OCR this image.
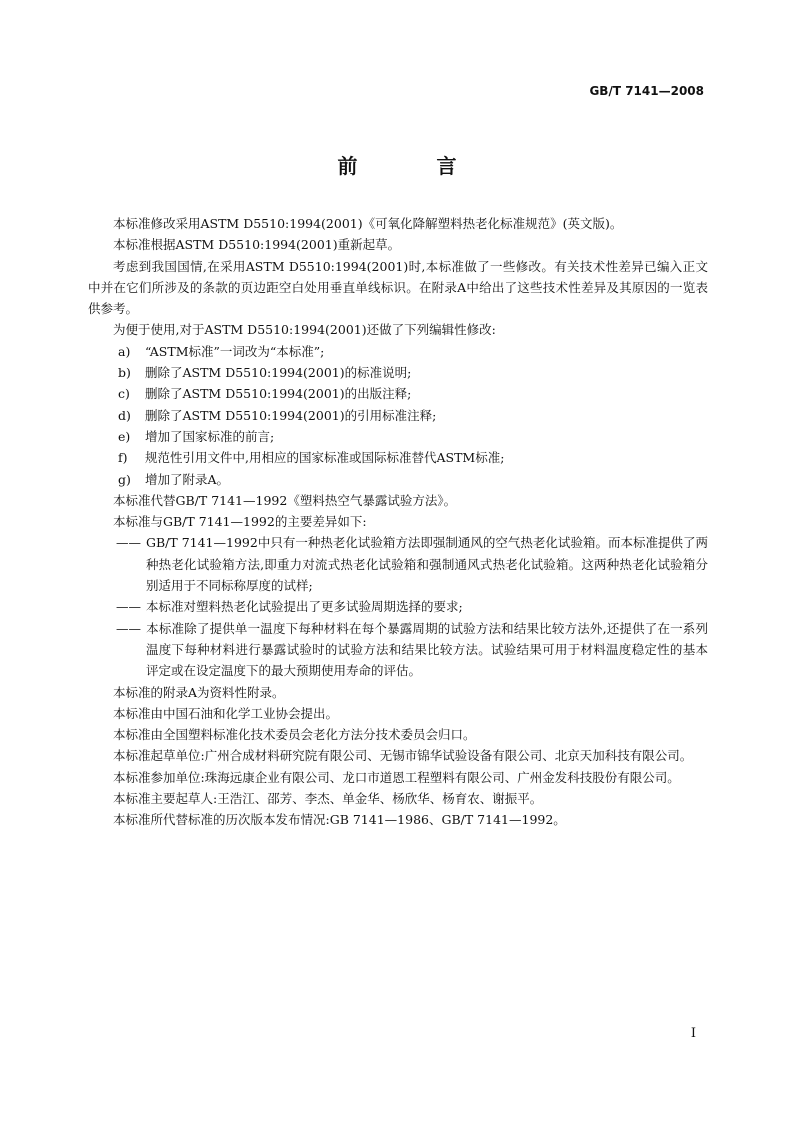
GB/T 7141—2008
前 言

本标准修改采用ASTM D5510:1994(2001)《可氧化降解塑料热老化标准规范》(英文版)。

本标准根据ASTM D5510:1994(2001)重新起草。

考虑到我国国情,在采用ASTM D5510:1994(2001)时,本标准做了一些修改。有关技术性差异已编入正文中并在它们所涉及的条款的页边距空白处用垂直单线标识。在附录A中给出了这些技术性差异及其原因的一览表供参考。

为便于使用,对于ASTM D5510:1994(2001)还做了下列编辑性修改:

a)	“ASTM标准”一词改为“本标准”;
b)	删除了ASTM D5510:1994(2001)的标准说明;
c)	删除了ASTM D5510:1994(2001)的出版注释;
d)	删除了ASTM D5510:1994(2001)的引用标准注释;
e)	增加了国家标准的前言;
f)	规范性引用文件中,用相应的国家标准或国际标准替代ASTM标准;
g)	增加了附录A。

本标准代替GB/T 7141—1992《塑料热空气暴露试验方法》。

本标准与GB/T 7141—1992的主要差异如下:

—— GB/T 7141—1992中只有一种热老化试验箱方法即强制通风的空气热老化试验箱。而本标准提供了两种热老化试验箱方法,即重力对流式热老化试验箱和强制通风式热老化试验箱。这两种热老化试验箱分别适用于不同标称厚度的试样;

—— 本标准对塑料热老化试验提出了更多试验周期选择的要求;

—— 本标准除了提供单一温度下每种材料在每个暴露周期的试验方法和结果比较方法外,还提供了在一系列温度下每种材料进行暴露试验时的试验方法和结果比较方法。试验结果可用于材料温度稳定性的基本评定或在设定温度下的最大预期使用寿命的评估。

本标准的附录A为资料性附录。

本标准由中国石油和化学工业协会提出。

本标准由全国塑料标准化技术委员会老化方法分技术委员会归口。

本标准起草单位:广州合成材料研究院有限公司、无锡市锦华试验设备有限公司、北京天加科技有限公司。

本标准参加单位:珠海远康企业有限公司、龙口市道恩工程塑料有限公司、广州金发科技股份有限公司。

本标准主要起草人:王浩江、邵芳、李杰、单金华、杨欣华、杨育农、谢振平。

本标准所代替标准的历次版本发布情况:GB 7141—1986、GB/T 7141—1992。

I
